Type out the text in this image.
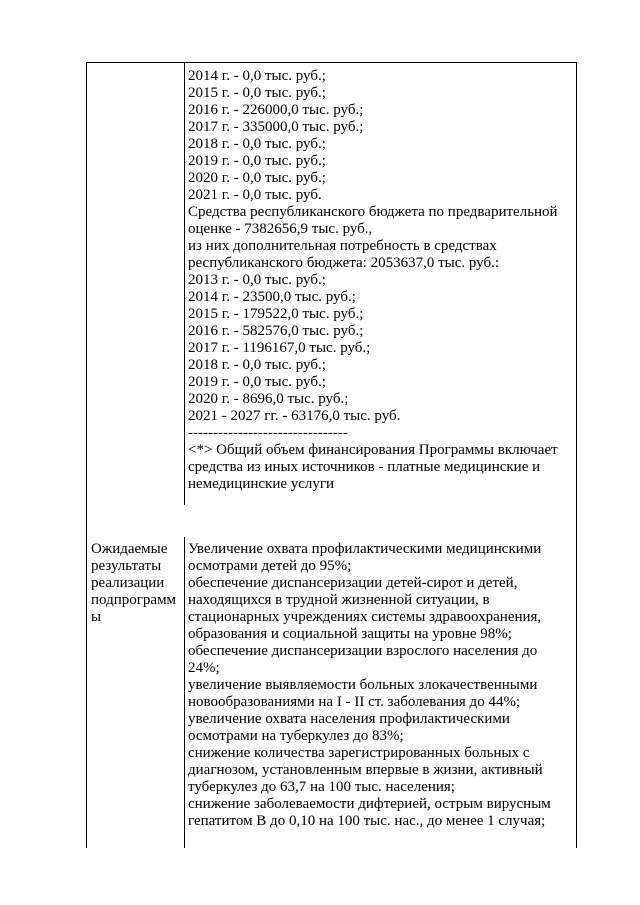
2014 г. - 0,0 тыс. руб.;
2015 г. - 0,0 тыс. руб.;
2016 г. - 226000,0 тыс. руб.;
2017 г. - 335000,0 тыс. руб.;
2018 г. - 0,0 тыс. руб.;
2019 г. - 0,0 тыс. руб.;
2020 г. - 0,0 тыс. руб.;
2021 г. - 0,0 тыс. руб.
Средства республиканского бюджета по предварительной
оценке - 7382656,9 тыс. руб.,
из них дополнительная потребность в средствах
республиканского бюджета: 2053637,0 тыс. руб.:
2013 г. - 0,0 тыс. руб.;
2014 г. - 23500,0 тыс. руб.;
2015 г. - 179522,0 тыс. руб.;
2016 г. - 582576,0 тыс. руб.;
2017 г. - 1196167,0 тыс. руб.;
2018 г. - 0,0 тыс. руб.;
2019 г. - 0,0 тыс. руб.;
2020 г. - 8696,0 тыс. руб.;
2021 - 2027 гг. - 63176,0 тыс. руб.
--------------------------------
<*> Общий объем финансирования Программы включает
средства из иных источников - платные медицинские и
немедицинские услуги
Ожидаемые
результаты
реализации
подпрограмм
ы
Увеличение охвата профилактическими медицинскими
осмотрами детей до 95%;
обеспечение диспансеризации детей-сирот и детей,
находящихся в трудной жизненной ситуации, в
стационарных учреждениях системы здравоохранения,
образования и социальной защиты на уровне 98%;
обеспечение диспансеризации взрослого населения до
24%;
увеличение выявляемости больных злокачественными
новообразованиями на I - II ст. заболевания до 44%;
увеличение охвата населения профилактическими
осмотрами на туберкулез до 83%;
снижение количества зарегистрированных больных с
диагнозом, установленным впервые в жизни, активный
туберкулез до 63,7 на 100 тыс. населения;
снижение заболеваемости дифтерией, острым вирусным
гепатитом В до 0,10 на 100 тыс. нас., до менее 1 случая;
